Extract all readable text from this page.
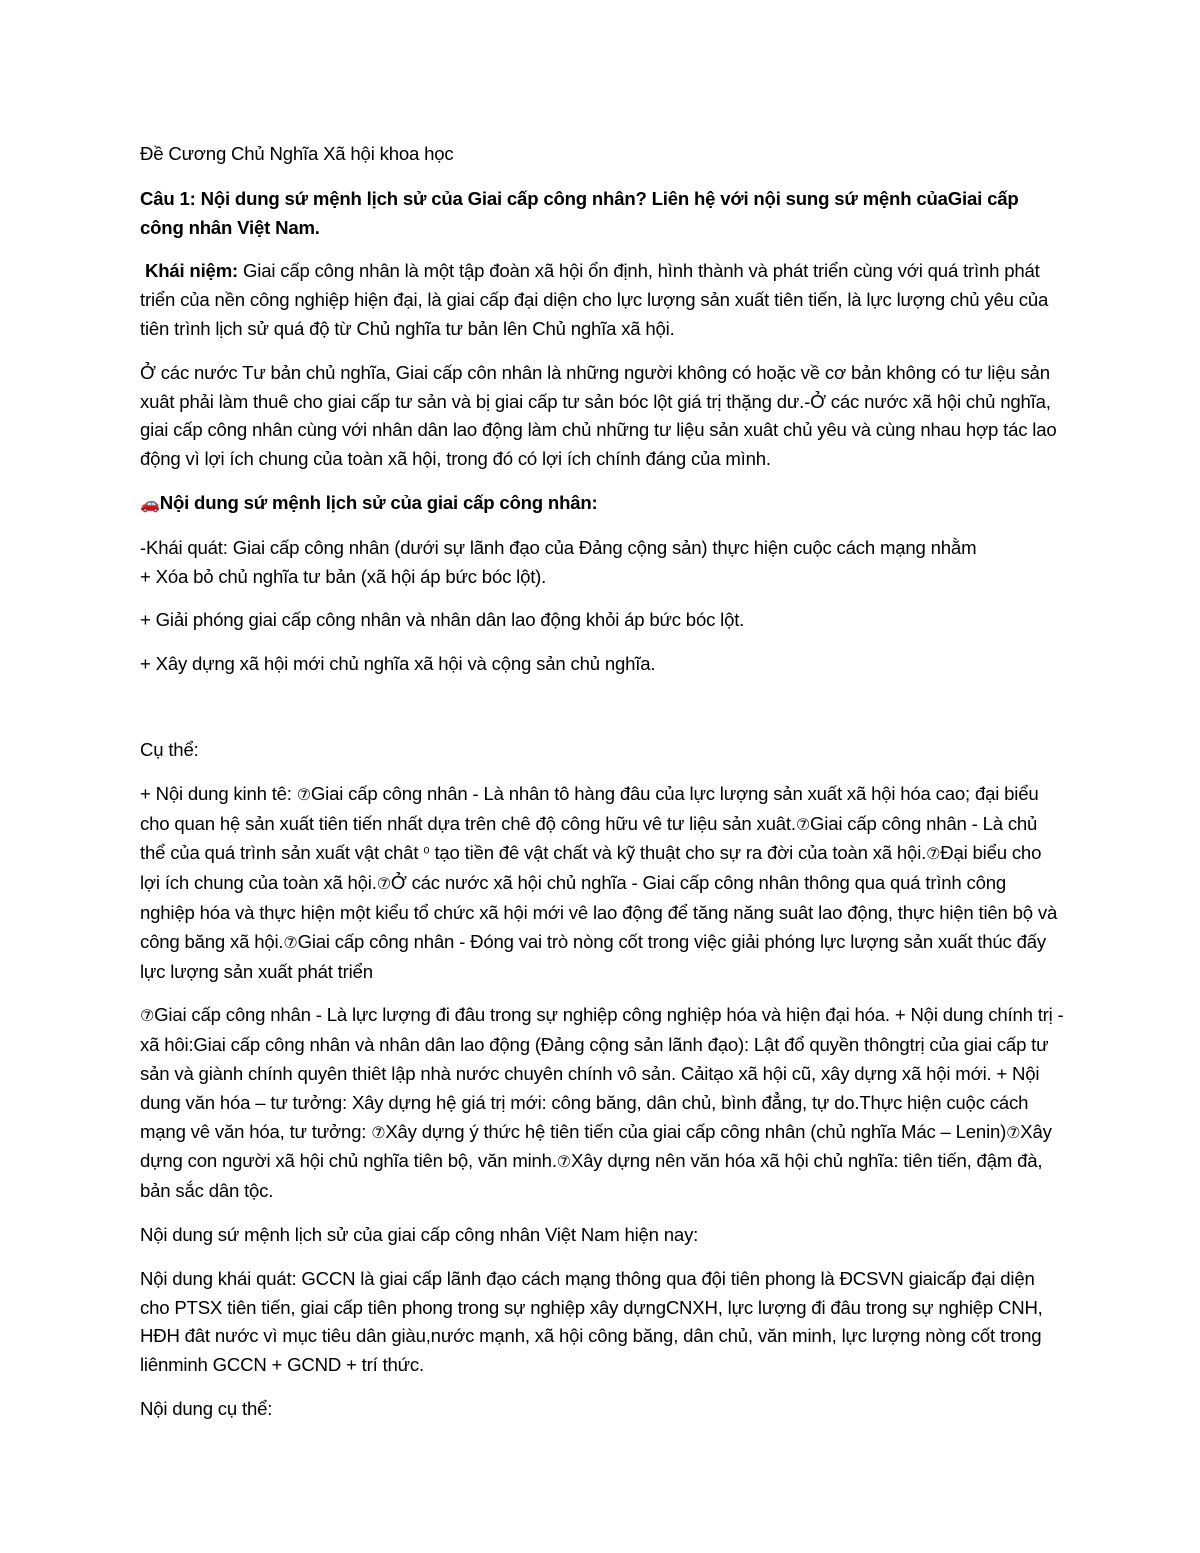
Đề Cương Chủ Nghĩa Xã hội khoa học

Câu 1: Nội dung sứ mệnh lịch sử của Giai cấp công nhân? Liên hệ với nội sung sứ mệnh củaGiai cấp công nhân Việt Nam.

Khái niệm: Giai cấp công nhân là một tập đoàn xã hội ổn định, hình thành và phát triển cùng với quá trình phát triển của nền công nghiệp hiện đại, là giai cấp đại diện cho lực lượng sản xuất tiên tiến, là lực lượng chủ yêu của tiên trình lịch sử quá độ từ Chủ nghĩa tư bản lên Chủ nghĩa xã hội.

Ở các nước Tư bản chủ nghĩa, Giai cấp côn nhân là những người không có hoặc về cơ bản không có tư liệu sản xuât phải làm thuê cho giai cấp tư sản và bị giai cấp tư sản bóc lột giá trị thặng dư.-Ở các nước xã hội chủ nghĩa, giai cấp công nhân cùng với nhân dân lao động làm chủ những tư liệu sản xuât chủ yêu và cùng nhau hợp tác lao động vì lợi ích chung của toàn xã hội, trong đó có lợi ích chính đáng của mình.

🚗Nội dung sứ mệnh lịch sử của giai cấp công nhân:

-Khái quát: Giai cấp công nhân (dưới sự lãnh đạo của Đảng cộng sản) thực hiện cuộc cách mạng nhằm
+ Xóa bỏ chủ nghĩa tư bản (xã hội áp bức bóc lột).

+ Giải phóng giai cấp công nhân và nhân dân lao động khỏi áp bức bóc lột.

+ Xây dựng xã hội mới chủ nghĩa xã hội và cộng sản chủ nghĩa.

Cụ thể:

+ Nội dung kinh tê: ⑦Giai cấp công nhân - Là nhân tô hàng đâu của lực lượng sản xuất xã hội hóa cao; đại biểu cho quan hệ sản xuất tiên tiến nhất dựa trên chê độ công hữu vê tư liệu sản xuât.⑦Giai cấp công nhân - Là chủ thể của quá trình sản xuất vật chât ⁰ tạo tiền đê vật chất và kỹ thuật cho sự ra đời của toàn xã hội.⑦Đại biểu cho lợi ích chung của toàn xã hội.⑦Ở các nước xã hội chủ nghĩa - Giai cấp công nhân thông qua quá trình công nghiệp hóa và thực hiện một kiểu tổ chức xã hội mới vê lao động để tăng năng suât lao động, thực hiện tiên bộ và công băng xã hội.⑦Giai cấp công nhân - Đóng vai trò nòng cốt trong việc giải phóng lực lượng sản xuất thúc đấy lực lượng sản xuất phát triển

⑦Giai cấp công nhân - Là lực lượng đi đâu trong sự nghiệp công nghiệp hóa và hiện đại hóa. + Nội dung chính trị - xã hôi:Giai cấp công nhân và nhân dân lao động (Đảng cộng sản lãnh đạo): Lật đổ quyền thôngtrị của giai cấp tư sản và giành chính quyên thiêt lập nhà nước chuyên chính vô sản. Cảitạo xã hội cũ, xây dựng xã hội mới. + Nội dung văn hóa – tư tưởng: Xây dựng hệ giá trị mới: công băng, dân chủ, bình đẳng, tự do.Thực hiện cuộc cách mạng vê văn hóa, tư tưởng: ⑦Xây dựng ý thức hệ tiên tiến của giai cấp công nhân (chủ nghĩa Mác – Lenin)⑦Xây dựng con người xã hội chủ nghĩa tiên bộ, văn minh.⑦Xây dựng nên văn hóa xã hội chủ nghĩa: tiên tiến, đậm đà, bản sắc dân tộc.

Nội dung sứ mệnh lịch sử của giai cấp công nhân Việt Nam hiện nay:

Nội dung khái quát: GCCN là giai cấp lãnh đạo cách mạng thông qua đội tiên phong là ĐCSVN giaicấp đại diện cho PTSX tiên tiến, giai cấp tiên phong trong sự nghiệp xây dựngCNXH, lực lượng đi đâu trong sự nghiệp CNH, HĐH đât nước vì mục tiêu dân giàu,nước mạnh, xã hội công băng, dân chủ, văn minh, lực lượng nòng cốt trong liênminh GCCN + GCND + trí thức.

Nội dung cụ thể:
